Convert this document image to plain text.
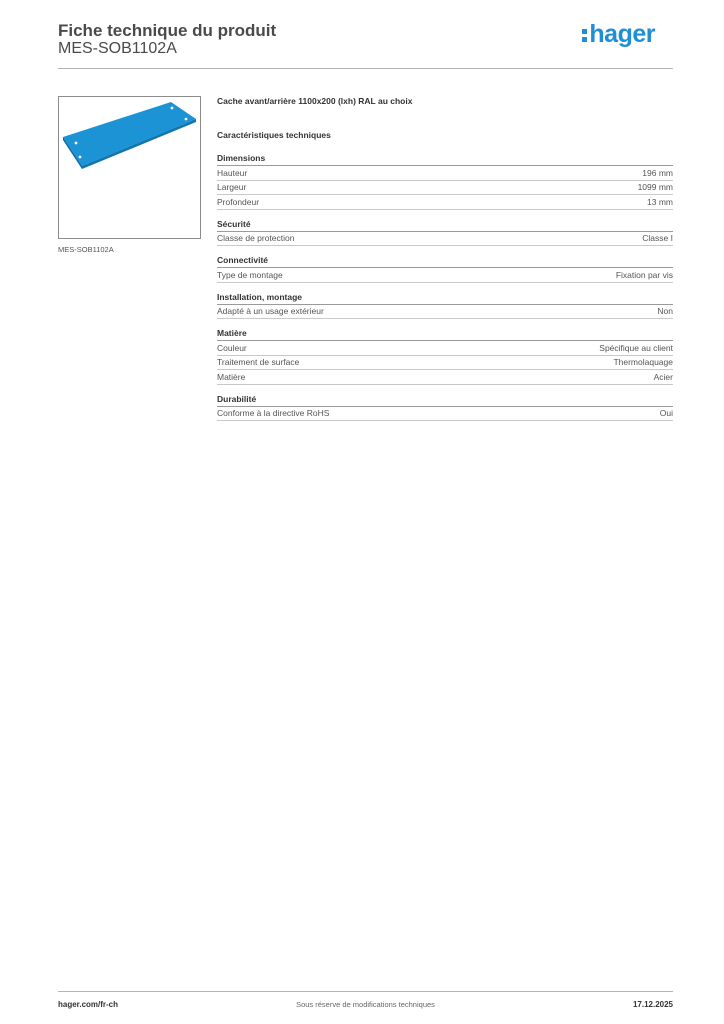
Fiche technique du produit
MES-SOB1102A
hager
MES-SOB1102A
Cache avant/arrière 1100x200 (lxh) RAL au choix
Caractéristiques techniques
Dimensions
Hauteur	196 mm
Largeur	1099 mm
Profondeur	13 mm
Sécurité
Classe de protection	Classe I
Connectivité
Type de montage	Fixation par vis
Installation, montage
Adapté à un usage extérieur	Non
Matière
Couleur	Spécifique au client
Traitement de surface	Thermolaquage
Matière	Acier
Durabilité
Conforme à la directive RoHS	Oui
hager.com/fr-ch	Sous réserve de modifications techniques	17.12.2025
